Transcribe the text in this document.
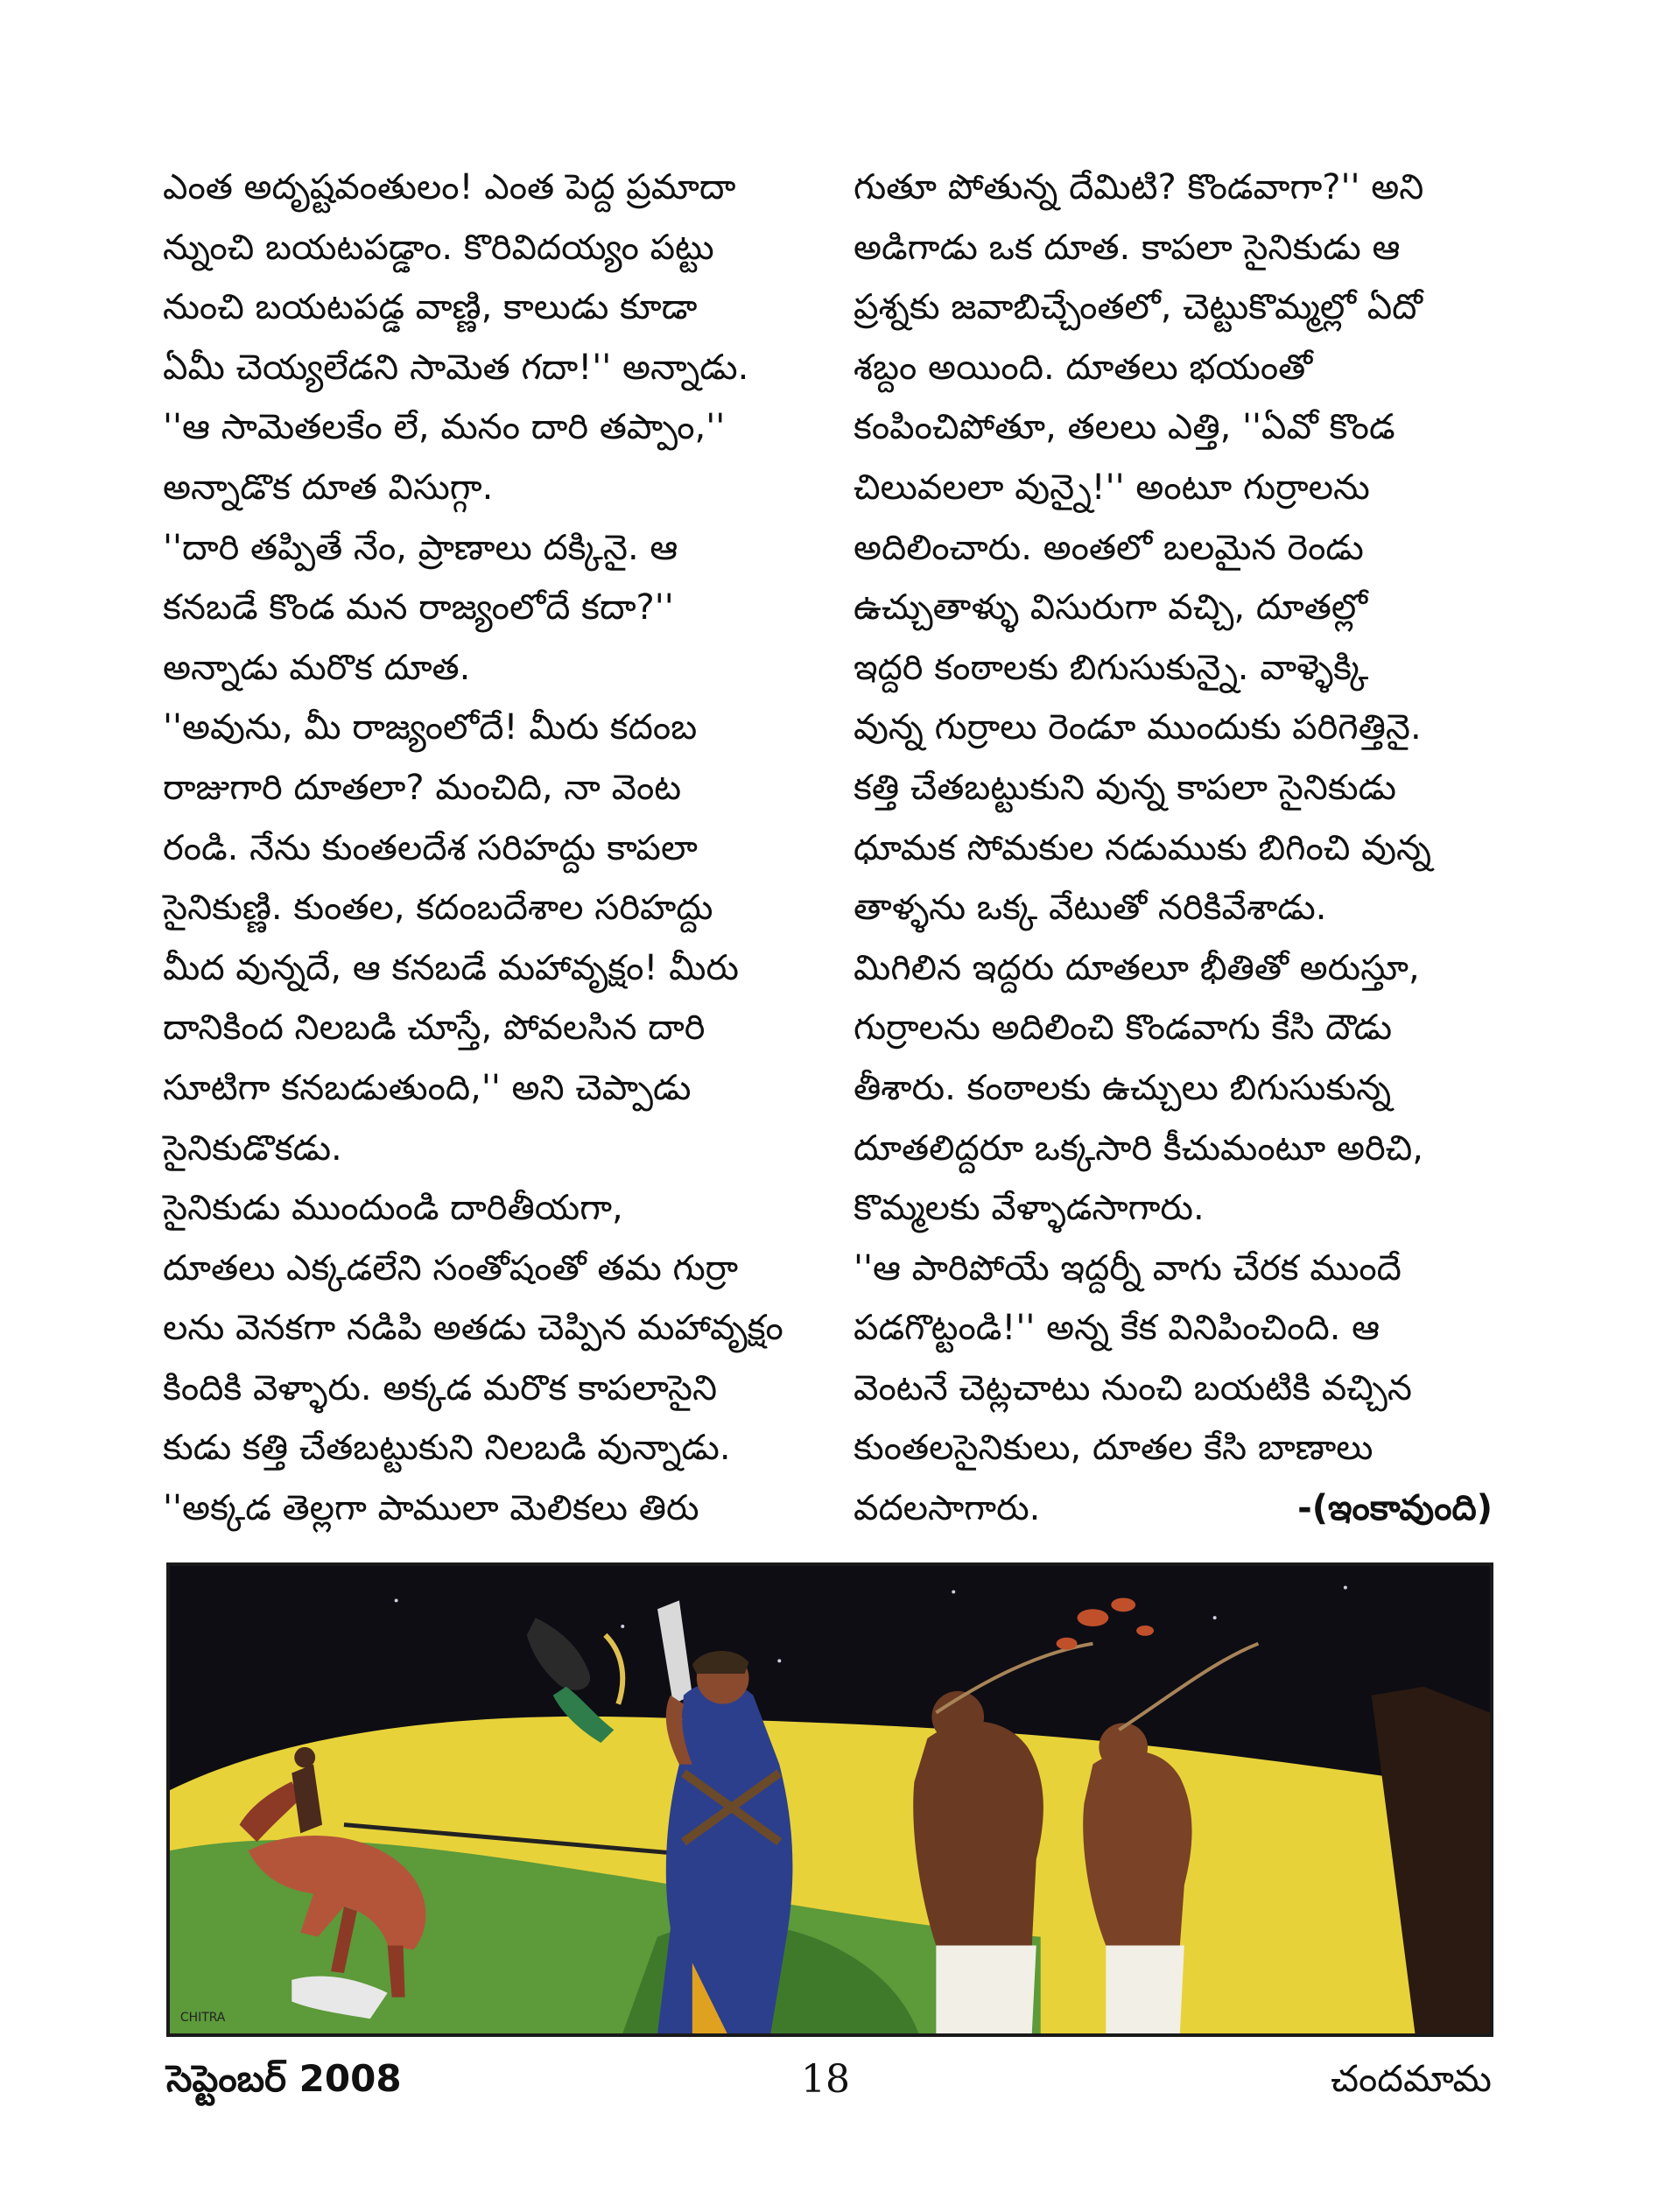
ఎంత అదృష్టవంతులం! ఎంత పెద్ద ప్రమాదా

న్నుంచి బయటపడ్డాం. కొరివిదయ్యం పట్టు

నుంచి బయటపడ్డ వాణ్ణి, కాలుడు కూడా

ఏమీ చెయ్యలేడని సామెత గదా!'' అన్నాడు.

''ఆ సామెతలకేం లే, మనం దారి తప్పాం,''

అన్నాడొక దూత విసుగ్గా.

''దారి తప్పితే నేం, ప్రాణాలు దక్కినై. ఆ

కనబడే కొండ మన రాజ్యంలోదే కదా?''

అన్నాడు మరొక దూత.

''అవును, మీ రాజ్యంలోదే! మీరు కదంబ

రాజుగారి దూతలా? మంచిది, నా వెంట

రండి. నేను కుంతలదేశ సరిహద్దు కాపలా

సైనికుణ్ణి. కుంతల, కదంబదేశాల సరిహద్దు

మీద వున్నదే, ఆ కనబడే మహావృక్షం! మీరు

దానికింద నిలబడి చూస్తే, పోవలసిన దారి

సూటిగా కనబడుతుంది,'' అని చెప్పాడు

సైనికుడొకడు.

సైనికుడు ముందుండి దారితీయగా,

దూతలు ఎక్కడలేని సంతోషంతో తమ గుర్రా

లను వెనకగా నడిపి అతడు చెప్పిన మహావృక్షం

కిందికి వెళ్ళారు. అక్కడ మరొక కాపలాసైని

కుడు కత్తి చేతబట్టుకుని నిలబడి వున్నాడు.

''అక్కడ తెల్లగా పాములా మెలికలు తిరు

గుతూ పోతున్న దేమిటి? కొండవాగా?'' అని

అడిగాడు ఒక దూత. కాపలా సైనికుడు ఆ

ప్రశ్నకు జవాబిచ్చేంతలో, చెట్టుకొమ్మల్లో ఏదో

శబ్దం అయింది. దూతలు భయంతో

కంపించిపోతూ, తలలు ఎత్తి, ''ఏవో కొండ

చిలువలలా వున్నై!'' అంటూ గుర్రాలను

అదిలించారు. అంతలో బలమైన రెండు

ఉచ్చుతాళ్ళు విసురుగా వచ్చి, దూతల్లో

ఇద్దరి కంఠాలకు బిగుసుకున్నై. వాళ్ళెక్కి

వున్న గుర్రాలు రెండూ ముందుకు పరిగెత్తినై.

కత్తి చేతబట్టుకుని వున్న కాపలా సైనికుడు

ధూమక సోమకుల నడుముకు బిగించి వున్న

తాళ్ళను ఒక్క వేటుతో నరికివేశాడు.

మిగిలిన ఇద్దరు దూతలూ భీతితో అరుస్తూ,

గుర్రాలను అదిలించి కొండవాగు కేసి దౌడు

తీశారు. కంఠాలకు ఉచ్చులు బిగుసుకున్న

దూతలిద్దరూ ఒక్కసారి కీచుమంటూ అరిచి,

కొమ్మలకు వేళ్ళాడసాగారు.

''ఆ పారిపోయే ఇద్దర్నీ వాగు చేరక ముందే

పడగొట్టండి!'' అన్న కేక వినిపించింది. ఆ

వెంటనే చెట్లచాటు నుంచి బయటికి వచ్చిన

కుంతలసైనికులు, దూతల కేసి బాణాలు

వదలసాగారు.	-(ఇంకావుంది)
CHITRA
సెప్టెంబర్ 2008	18	చందమామ
